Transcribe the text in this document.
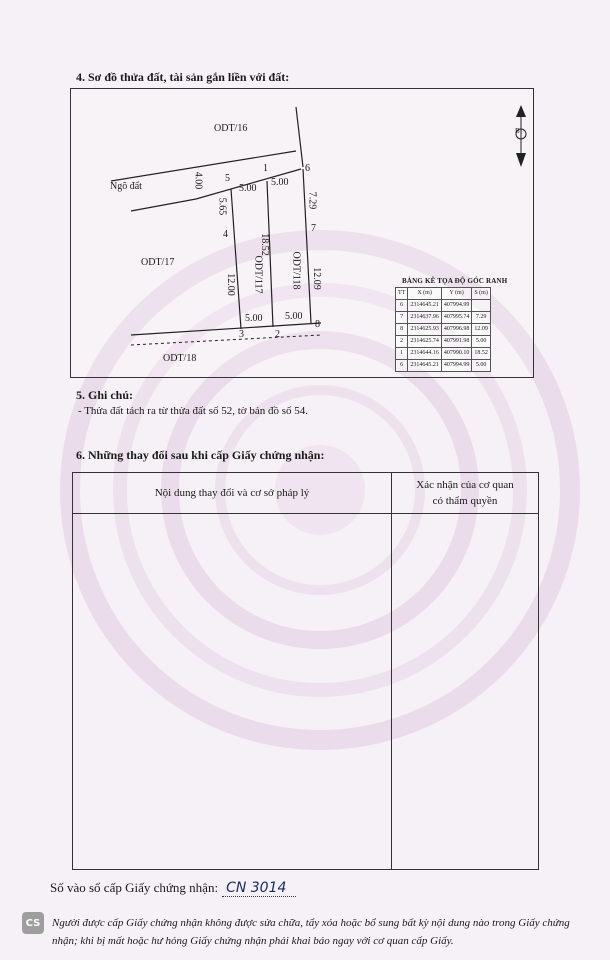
4. Sơ đồ thửa đất, tài sản gắn liền với đất:
ODT/16
ODT/17
ODT/18
Ngõ đất	4.00
ODT/117	ODT/118
B
5.00
5.00
5.00 5.00
5.65
18.52
12.00
7.29
12.09
1
2
3
4
5
6
7
8
BẢNG KÊ TỌA ĐỘ GÓC RANH
TT	X (m)	Y (m)	S (m)
6	2314645.21	407994.99	
7	2314637.96	407995.74	7.29
8	2314625.93	407996.98	12.09
2	2314625.74	407991.98	5.00
1	2314644.16	407990.10	18.52
6	2314645.21	407994.99	5.00
5. Ghi chú:
- Thửa đất tách ra từ thửa đất số 52, tờ bản đồ số 54.
6. Những thay đổi sau khi cấp Giấy chứng nhận:
Nội dung thay đổi và cơ sở pháp lý
Xác nhận của cơ quan
có thẩm quyền
Số vào sổ cấp Giấy chứng nhận: CN 3014
CS	Người được cấp Giấy chứng nhận không được sửa chữa, tẩy xóa hoặc bổ sung bất kỳ nội dung nào trong Giấy chứng nhận; khi bị mất hoặc hư hỏng Giấy chứng nhận phải khai báo ngay với cơ quan cấp Giấy.
